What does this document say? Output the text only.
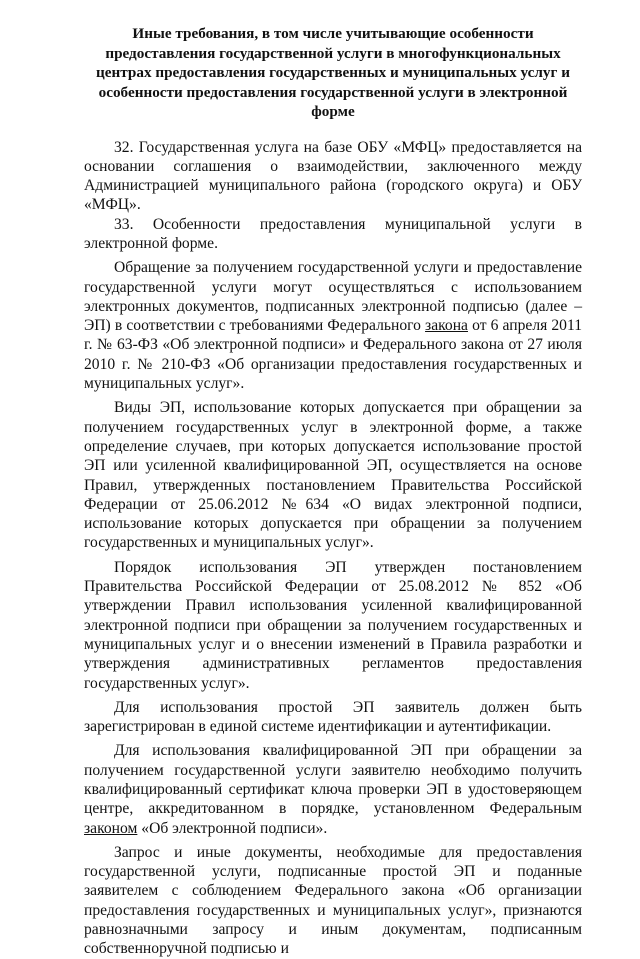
Иные требования, в том числе учитывающие особенности
предоставления государственной услуги в многофункциональных
центрах предоставления государственных и муниципальных услуг и
особенности предоставления государственной услуги в электронной
форме

32. Государственная услуга на базе ОБУ «МФЦ» предоставляется на основании соглашения о взаимодействии, заключенного между Администрацией муниципального района (городского округа) и ОБУ «МФЦ».

33. Особенности предоставления муниципальной услуги в электронной форме.

Обращение за получением государственной услуги и предоставление государственной услуги могут осуществляться с использованием электронных документов, подписанных электронной подписью (далее – ЭП) в соответствии с требованиями Федерального закона от 6 апреля 2011 г. № 63-ФЗ «Об электронной подписи» и Федерального закона от 27 июля 2010 г. № 210-ФЗ «Об организации предоставления государственных и муниципальных услуг».

Виды ЭП, использование которых допускается при обращении за получением государственных услуг в электронной форме, а также определение случаев, при которых допускается использование простой ЭП или усиленной квалифицированной ЭП, осуществляется на основе Правил, утвержденных постановлением Правительства Российской Федерации от 25.06.2012 №634 «О видах электронной подписи, использование которых допускается при обращении за получением государственных и муниципальных услуг».

Порядок использования ЭП утвержден постановлением Правительства Российской Федерации от 25.08.2012 № 852 «Об утверждении Правил использования усиленной квалифицированной электронной подписи при обращении за получением государственных и муниципальных услуг и о внесении изменений в Правила разработки и утверждения административных регламентов предоставления государственных услуг».

Для использования простой ЭП заявитель должен быть зарегистрирован в единой системе идентификации и аутентификации.

Для использования квалифицированной ЭП при обращении за получением государственной услуги заявителю необходимо получить квалифицированный сертификат ключа проверки ЭП в удостоверяющем центре, аккредитованном в порядке, установленном Федеральным законом «Об электронной подписи».

Запрос и иные документы, необходимые для предоставления государственной услуги, подписанные простой ЭП и поданные заявителем с соблюдением Федерального закона «Об организации предоставления государственных и муниципальных услуг», признаются равнозначными запросу и иным документам, подписанным собственноручной подписью и
